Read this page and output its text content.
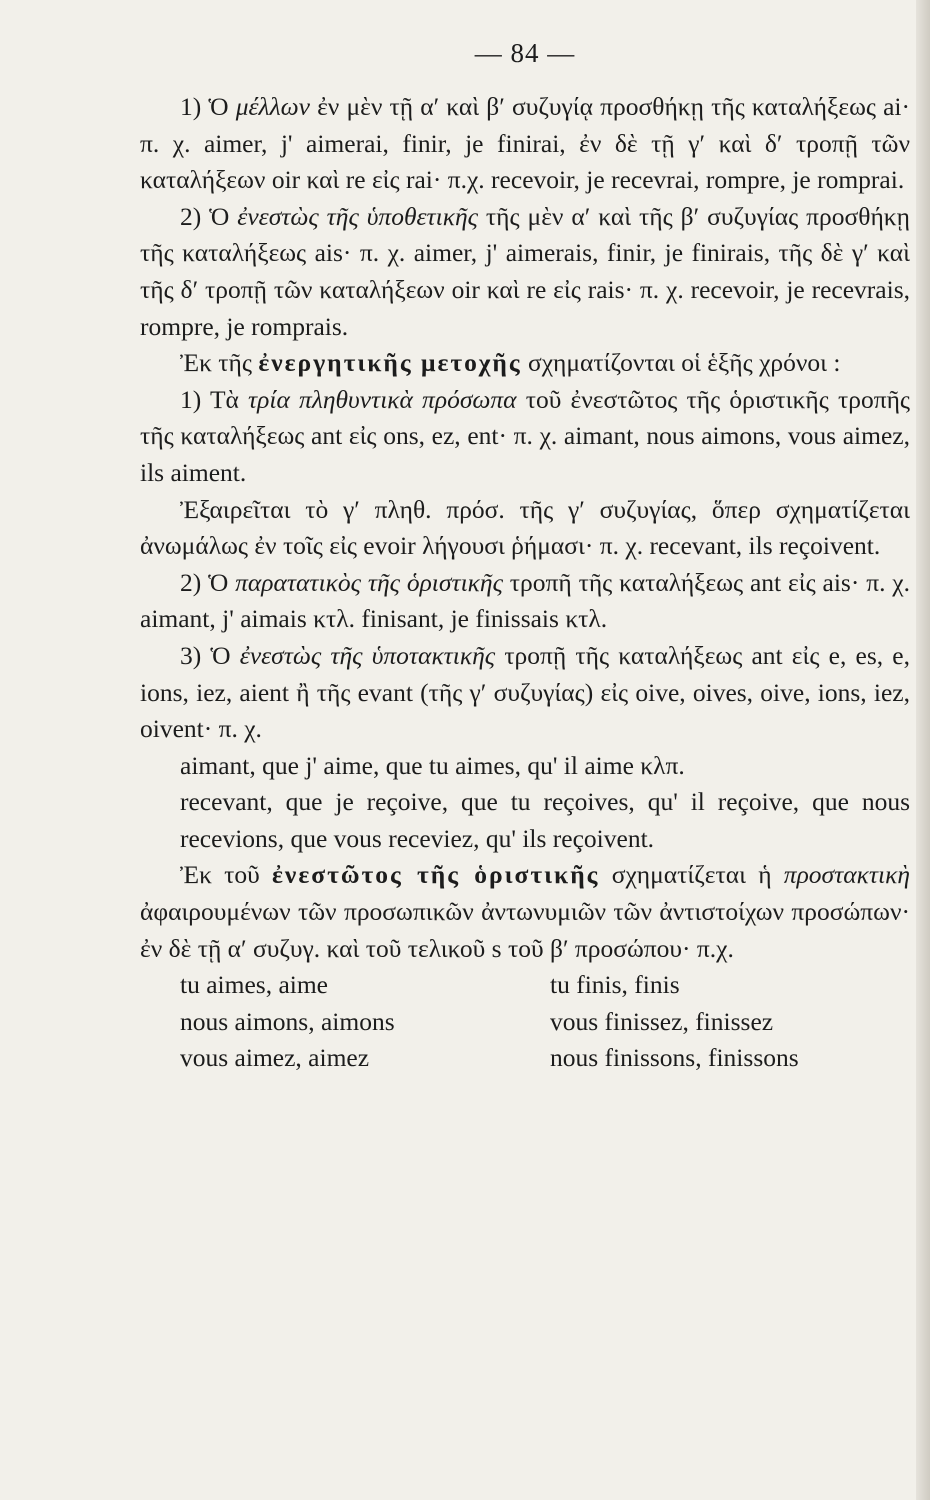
— 84 —

1) Ὁ μέλλων ἐν μὲν τῇ α′ καὶ β′ συζυγίᾳ προσθήκῃ τῆς καταλήξεως ai· π. χ. aimer, j' aimerai, finir, je finirai, ἐν δὲ τῇ γ′ καὶ δ′ τροπῇ τῶν καταλήξεων oir καὶ re εἰς rai· π.χ. recevoir, je recevrai, rompre, je romprai.

2) Ὁ ἐνεστὼς τῆς ὑποθετικῆς τῆς μὲν α′ καὶ τῆς β′ συζυγίας προσθήκῃ τῆς καταλήξεως ais· π. χ. aimer, j' aimerais, finir, je finirais, τῆς δὲ γ′ καὶ τῆς δ′ τροπῇ τῶν καταλήξεων oir καὶ re εἰς rais· π. χ. recevoir, je recevrais, rompre, je romprais.

Ἐκ τῆς ἐνεργητικῆς μετοχῆς σχηματίζονται οἱ ἑξῆς χρόνοι :

1) Τὰ τρία πληθυντικὰ πρόσωπα τοῦ ἐνεστῶτος τῆς ὁριστικῆς τροπῆς τῆς καταλήξεως ant εἰς ons, ez, ent· π. χ. aimant, nous aimons, vous aimez, ils aiment.

Ἐξαιρεῖται τὸ γ′ πληθ. πρόσ. τῆς γ′ συζυγίας, ὅπερ σχηματίζεται ἀνωμάλως ἐν τοῖς εἰς evoir λήγουσι ῥήμασι· π. χ. recevant, ils reçoivent.

2) Ὁ παρατατικὸς τῆς ὁριστικῆς τροπῆ τῆς καταλήξεως ant εἰς ais· π. χ. aimant, j' aimais κτλ. finisant, je finissais κτλ.

3) Ὁ ἐνεστὼς τῆς ὑποτακτικῆς τροπῇ τῆς καταλήξεως ant εἰς e, es, e, ions, iez, aient ἢ τῆς evant (τῆς γ′ συζυγίας) εἰς oive, oives, oive, ions, iez, oivent· π. χ.

aimant, que j' aime, que tu aimes, qu' il aime κλπ.

recevant, que je reçoive, que tu reçoives, qu' il reçoive, que nous recevions, que vous receviez, qu' ils reçoivent.

Ἐκ τοῦ ἐνεστῶτος τῆς ὁριστικῆς σχηματίζεται ἡ προστακτικὴ ἀφαιρουμένων τῶν προσωπικῶν ἀντωνυμιῶν τῶν ἀντιστοίχων προσώπων· ἐν δὲ τῇ α′ συζυγ. καὶ τοῦ τελικοῦ s τοῦ β′ προσώπου· π.χ.

tu aimes, aime	tu finis, finis
nous aimons, aimons	vous finissez, finissez
vous aimez, aimez	nous finissons, finissons
